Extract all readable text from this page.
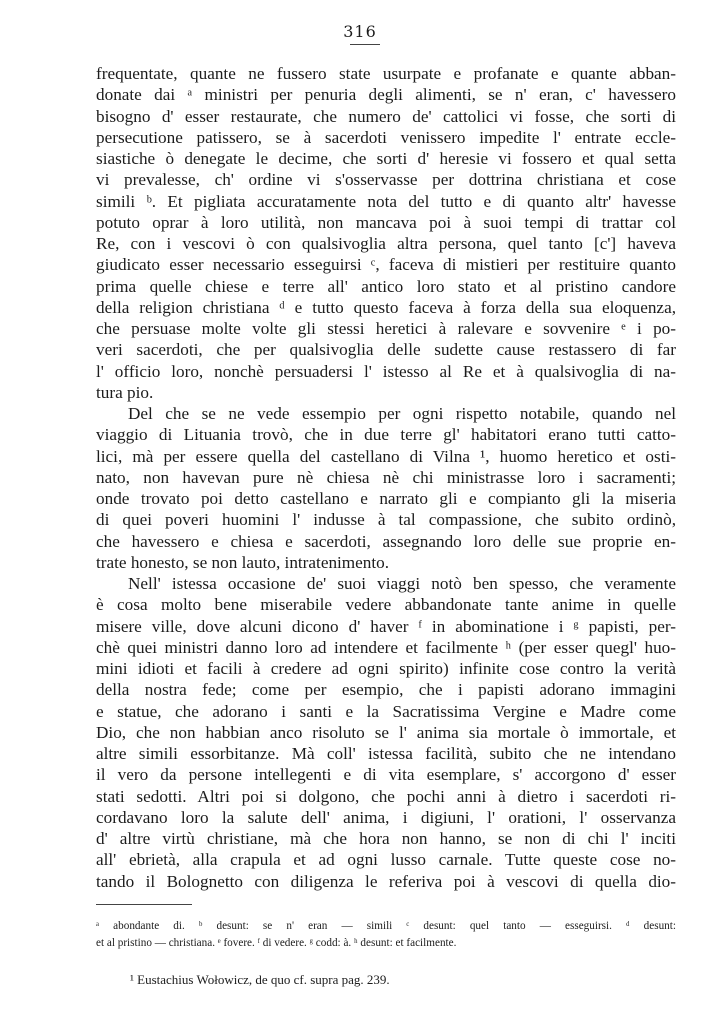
316
frequentate, quante ne fussero state usurpate e profanate e quante abban-
donate dai ᵃ ministri per penuria degli alimenti, se n' eran, c' havessero
bisogno d' esser restaurate, che numero de' cattolici vi fosse, che sorti di
persecutione patissero, se à sacerdoti venissero impedite l' entrate eccle-
siastiche ò denegate le decime, che sorti d' heresie vi fossero et qual setta
vi prevalesse, ch' ordine vi s'osservasse per dottrina christiana et cose
simili ᵇ. Et pigliata accuratamente nota del tutto e di quanto altr' havesse
potuto oprar à loro utilità, non mancava poi à suoi tempi di trattar col
Re, con i vescovi ò con qualsivoglia altra persona, quel tanto [c'] haveva
giudicato esser necessario esseguirsi ᶜ, faceva di mistieri per restituire quanto
prima quelle chiese e terre all' antico loro stato et al pristino candore
della religion christiana ᵈ e tutto questo faceva à forza della sua eloquenza,
che persuase molte volte gli stessi heretici à ralevare e sovvenire ᵉ i po-
veri sacerdoti, che per qualsivoglia delle sudette cause restassero di far
l' officio loro, nonchè persuadersi l' istesso al Re et à qualsivoglia di na-
tura pio.
Del che se ne vede essempio per ogni rispetto notabile, quando nel
viaggio di Lituania trovò, che in due terre gl' habitatori erano tutti catto-
lici, mà per essere quella del castellano di Vilna ¹, huomo heretico et osti-
nato, non havevan pure nè chiesa nè chi ministrasse loro i sacramenti;
onde trovato poi detto castellano e narrato gli e compianto gli la miseria
di quei poveri huomini l' indusse à tal compassione, che subito ordinò,
che havessero e chiesa e sacerdoti, assegnando loro delle sue proprie en-
trate honesto, se non lauto, intratenimento.
Nell' istessa occasione de' suoi viaggi notò ben spesso, che veramente
è cosa molto bene miserabile vedere abbandonate tante anime in quelle
misere ville, dove alcuni dicono d' haver ᶠ in abominatione i ᵍ papisti, per-
chè quei ministri danno loro ad intendere et facilmente ʰ (per esser quegl' huo-
mini idioti et facili à credere ad ogni spirito) infinite cose contro la verità
della nostra fede; come per esempio, che i papisti adorano immagini
e statue, che adorano i santi e la Sacratissima Vergine e Madre come
Dio, che non habbian anco risoluto se l' anima sia mortale ò immortale, et
altre simili essorbitanze. Mà coll' istessa facilità, subito che ne intendano
il vero da persone intellegenti e di vita esemplare, s' accorgono d' esser
stati sedotti. Altri poi si dolgono, che pochi anni à dietro i sacerdoti ri-
cordavano loro la salute dell' anima, i digiuni, l' orationi, l' osservanza
d' altre virtù christiane, mà che hora non hanno, se non di chi l' inciti
all' ebrietà, alla crapula et ad ogni lusso carnale. Tutte queste cose no-
tando il Bolognetto con diligenza le referiva poi à vescovi di quella dio-
ᵃ abondante di. ᵇ desunt: se n' eran — simili ᶜ desunt: quel tanto — esseguirsi. ᵈ desunt:
et al pristino — christiana. ᵉ fovere. ᶠ di vedere. ᵍ codd: à. ʰ desunt: et facilmente.
¹ Eustachius Wołowicz, de quo cf. supra pag. 239.
